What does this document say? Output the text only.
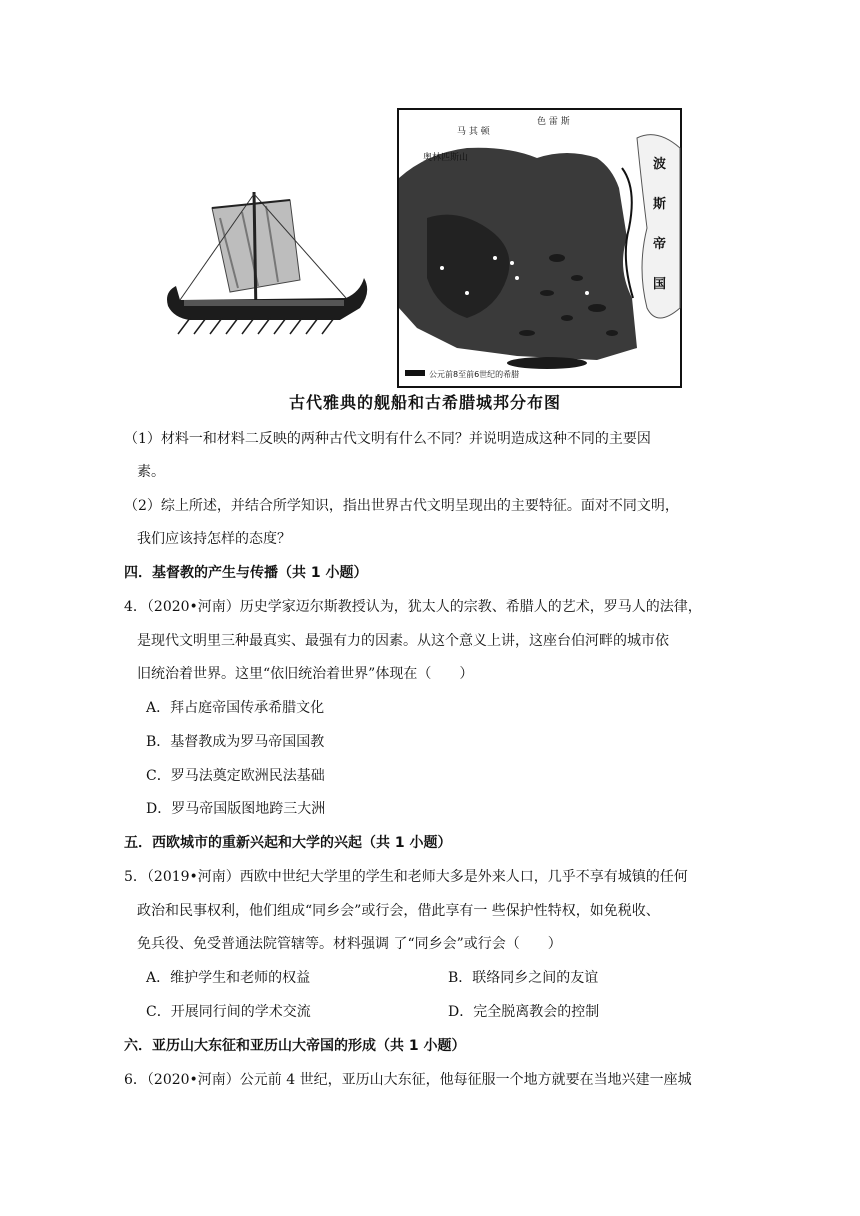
马 其 顿
色 雷 斯
奥林匹斯山	波
斯
帝
国
公元前8至前6世纪的希腊
古代雅典的舰船和古希腊城邦分布图
（1）材料一和材料二反映的两种古代文明有什么不同？并说明造成这种不同的主要因
素。
（2）综上所述，并结合所学知识，指出世界古代文明呈现出的主要特征。面对不同文明，
我们应该持怎样的态度？
四．基督教的产生与传播（共 1 小题）
4．（2020•河南）历史学家迈尔斯教授认为，犹太人的宗教、希腊人的艺术，罗马人的法律，
是现代文明里三种最真实、最强有力的因素。从这个意义上讲，这座台伯河畔的城市依
旧统治着世界。这里“依旧统治着世界”体现在（　　）
A．拜占庭帝国传承希腊文化
B．基督教成为罗马帝国国教
C．罗马法奠定欧洲民法基础
D．罗马帝国版图地跨三大洲
五．西欧城市的重新兴起和大学的兴起（共 1 小题）
5．（2019•河南）西欧中世纪大学里的学生和老师大多是外来人口，几乎不享有城镇的任何
政治和民事权利，他们组成“同乡会”或行会，借此享有一 些保护性特权，如免税收、
免兵役、免受普通法院管辖等。材料强调 了“同乡会”或行会（　　）
A．维护学生和老师的权益	B．联络同乡之间的友谊
C．开展同行间的学术交流	D．完全脱离教会的控制
六．亚历山大东征和亚历山大帝国的形成（共 1 小题）
6．（2020•河南）公元前 4 世纪，亚历山大东征，他每征服一个地方就要在当地兴建一座城
